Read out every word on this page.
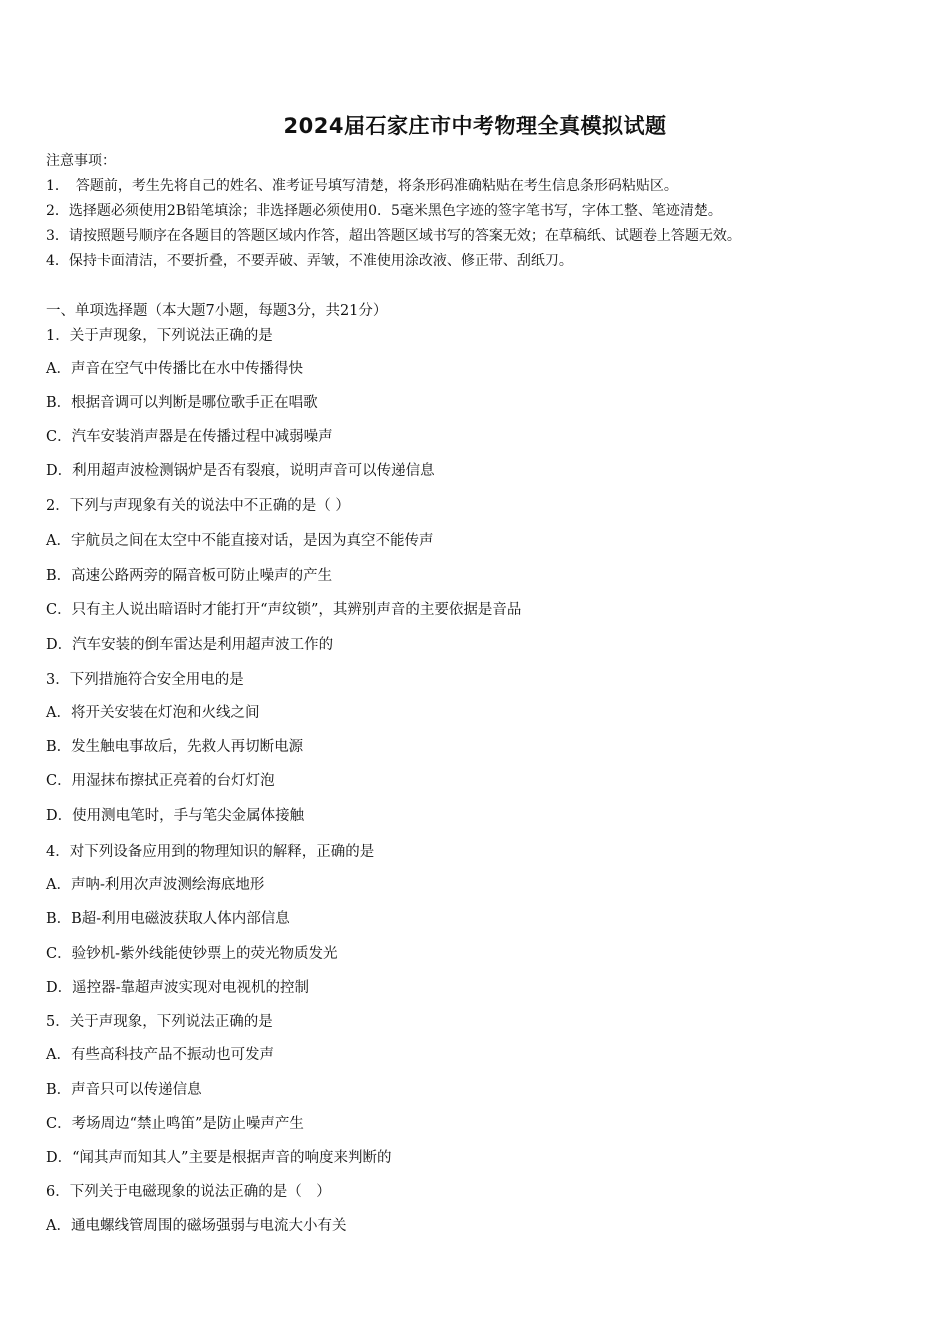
2024届石家庄市中考物理全真模拟试题
注意事项：
1．　答题前，考生先将自己的姓名、准考证号填写清楚，将条形码准确粘贴在考生信息条形码粘贴区。
2．选择题必须使用2B铅笔填涂；非选择题必须使用0．5毫米黑色字迹的签字笔书写，字体工整、笔迹清楚。
3．请按照题号顺序在各题目的答题区域内作答，超出答题区域书写的答案无效；在草稿纸、试题卷上答题无效。
4．保持卡面清洁，不要折叠，不要弄破、弄皱，不准使用涂改液、修正带、刮纸刀。
一、单项选择题（本大题7小题，每题3分，共21分）
1．关于声现象，下列说法正确的是
A．声音在空气中传播比在水中传播得快
B．根据音调可以判断是哪位歌手正在唱歌
C．汽车安装消声器是在传播过程中减弱噪声
D．利用超声波检测锅炉是否有裂痕，说明声音可以传递信息
2．下列与声现象有关的说法中不正确的是（ ）
A．宇航员之间在太空中不能直接对话，是因为真空不能传声
B．高速公路两旁的隔音板可防止噪声的产生
C．只有主人说出暗语时才能打开“声纹锁”，其辨别声音的主要依据是音品
D．汽车安装的倒车雷达是利用超声波工作的
3．下列措施符合安全用电的是
A．将开关安装在灯泡和火线之间
B．发生触电事故后，先救人再切断电源
C．用湿抹布擦拭正亮着的台灯灯泡
D．使用测电笔时，手与笔尖金属体接触
4．对下列设备应用到的物理知识的解释，正确的是
A．声呐-利用次声波测绘海底地形
B．B超-利用电磁波获取人体内部信息
C．验钞机-紫外线能使钞票上的荧光物质发光
D．遥控器-靠超声波实现对电视机的控制
5．关于声现象，下列说法正确的是
A．有些高科技产品不振动也可发声
B．声音只可以传递信息
C．考场周边“禁止鸣笛”是防止噪声产生
D．“闻其声而知其人”主要是根据声音的响度来判断的
6．下列关于电磁现象的说法正确的是（　）
A．通电螺线管周围的磁场强弱与电流大小有关
